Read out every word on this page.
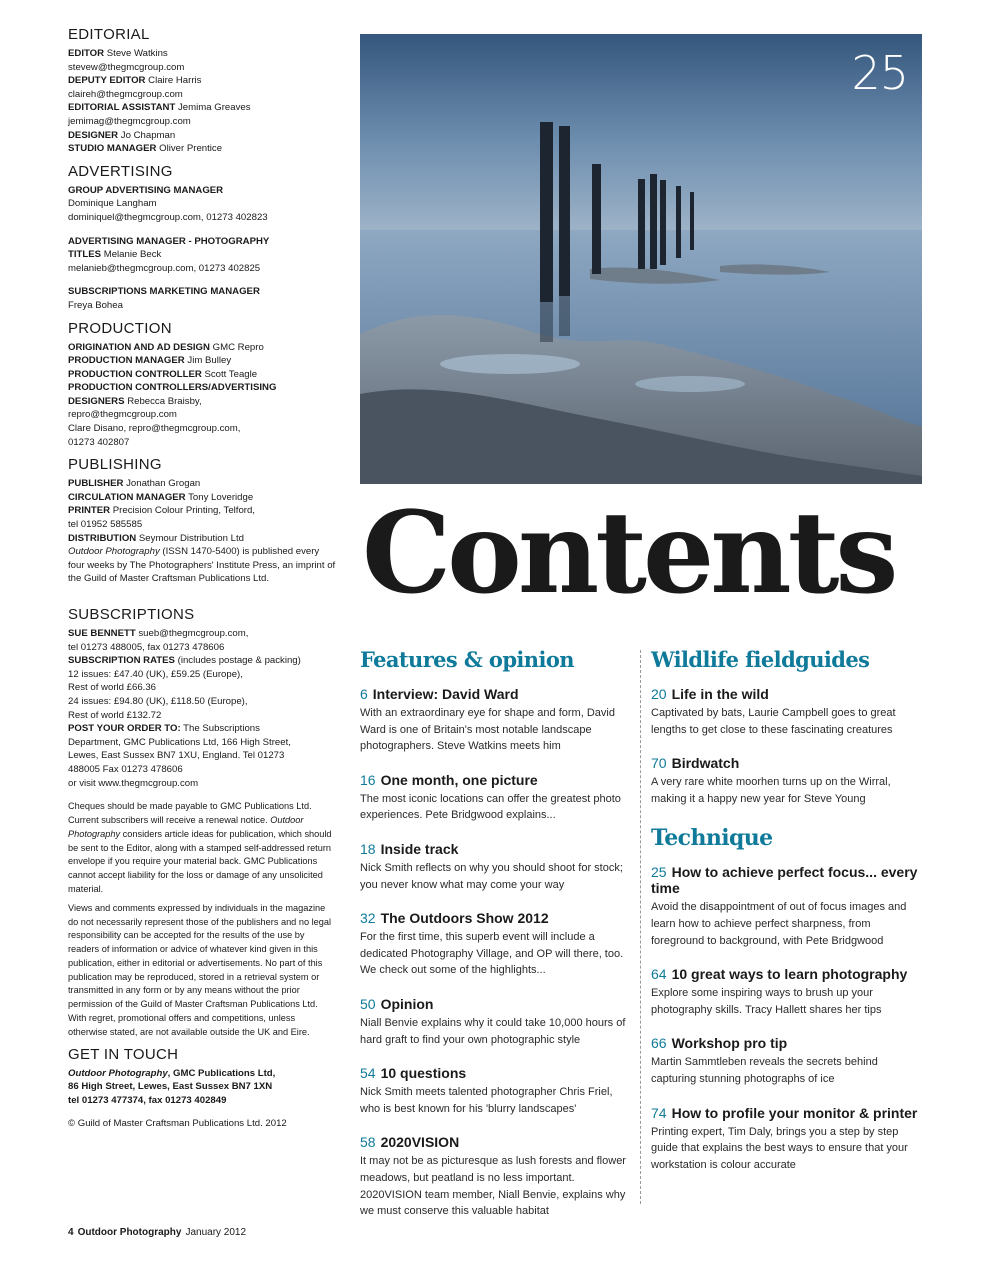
EDITORIAL
EDITOR Steve Watkins
stevew@thegmcgroup.com
DEPUTY EDITOR Claire Harris
claireh@thegmcgroup.com
EDITORIAL ASSISTANT Jemima Greaves
jemimag@thegmcgroup.com
DESIGNER Jo Chapman
STUDIO MANAGER Oliver Prentice
ADVERTISING
GROUP ADVERTISING MANAGER
Dominique Langham
dominiquel@thegmcgroup.com, 01273 402823
ADVERTISING MANAGER - PHOTOGRAPHY
TITLES Melanie Beck
melanieb@thegmcgroup.com, 01273 402825
SUBSCRIPTIONS MARKETING MANAGER
Freya Bohea
PRODUCTION
ORIGINATION AND AD DESIGN GMC Repro
PRODUCTION MANAGER Jim Bulley
PRODUCTION CONTROLLER Scott Teagle
PRODUCTION CONTROLLERS/ADVERTISING
DESIGNERS Rebecca Braisby,
repro@thegmcgroup.com
Clare Disano, repro@thegmcgroup.com,
01273 402807
PUBLISHING
PUBLISHER Jonathan Grogan
CIRCULATION MANAGER Tony Loveridge
PRINTER Precision Colour Printing, Telford,
tel 01952 585585
DISTRIBUTION Seymour Distribution Ltd
Outdoor Photography (ISSN 1470-5400) is published every four weeks by The Photographers' Institute Press, an imprint of the Guild of Master Craftsman Publications Ltd.
SUBSCRIPTIONS
SUE BENNETT sueb@thegmcgroup.com,
tel 01273 488005, fax 01273 478606
SUBSCRIPTION RATES (includes postage & packing)
12 issues: £47.40 (UK), £59.25 (Europe),
Rest of world £66.36
24 issues: £94.80 (UK), £118.50 (Europe),
Rest of world £132.72
POST YOUR ORDER TO: The Subscriptions
Department, GMC Publications Ltd, 166 High Street,
Lewes, East Sussex BN7 1XU, England. Tel 01273
488005 Fax 01273 478606
or visit www.thegmcgroup.com

Cheques should be made payable to GMC Publications Ltd. Current subscribers will receive a renewal notice. Outdoor Photography considers article ideas for publication, which should be sent to the Editor, along with a stamped self-addressed return envelope if you require your material back. GMC Publications cannot accept liability for the loss or damage of any unsolicited material.

Views and comments expressed by individuals in the magazine do not necessarily represent those of the publishers and no legal responsibility can be accepted for the results of the use by readers of information or advice of whatever kind given in this publication, either in editorial or advertisements. No part of this publication may be reproduced, stored in a retrieval system or transmitted in any form or by any means without the prior permission of the Guild of Master Craftsman Publications Ltd. With regret, promotional offers and competitions, unless otherwise stated, are not available outside the UK and Eire.

GET IN TOUCH
Outdoor Photography, GMC Publications Ltd,
86 High Street, Lewes, East Sussex BN7 1XN
tel 01273 477374, fax 01273 402849
© Guild of Master Craftsman Publications Ltd. 2012
25
Contents
Features & opinion
6 Interview: David Ward
With an extraordinary eye for shape and form, David Ward is one of Britain's most notable landscape photographers. Steve Watkins meets him
16 One month, one picture
The most iconic locations can offer the greatest photo experiences. Pete Bridgwood explains...
18 Inside track
Nick Smith reflects on why you should shoot for stock; you never know what may come your way
32 The Outdoors Show 2012
For the first time, this superb event will include a dedicated Photography Village, and OP will there, too. We check out some of the highlights...
50 Opinion
Niall Benvie explains why it could take 10,000 hours of hard graft to find your own photographic style
54 10 questions
Nick Smith meets talented photographer Chris Friel, who is best known for his 'blurry landscapes'
58 2020VISION
It may not be as picturesque as lush forests and flower meadows, but peatland is no less important. 2020VISION team member, Niall Benvie, explains why we must conserve this valuable habitat
Wildlife fieldguides
20 Life in the wild
Captivated by bats, Laurie Campbell goes to great lengths to get close to these fascinating creatures
70 Birdwatch
A very rare white moorhen turns up on the Wirral, making it a happy new year for Steve Young
Technique
25 How to achieve perfect focus... every time
Avoid the disappointment of out of focus images and learn how to achieve perfect sharpness, from foreground to background, with Pete Bridgwood
64 10 great ways to learn photography
Explore some inspiring ways to brush up your photography skills. Tracy Hallett shares her tips
66 Workshop pro tip
Martin Sammtleben reveals the secrets behind capturing stunning photographs of ice
74 How to profile your monitor & printer
Printing expert, Tim Daly, brings you a step by step guide that explains the best ways to ensure that your workstation is colour accurate
4 Outdoor Photography January 2012
